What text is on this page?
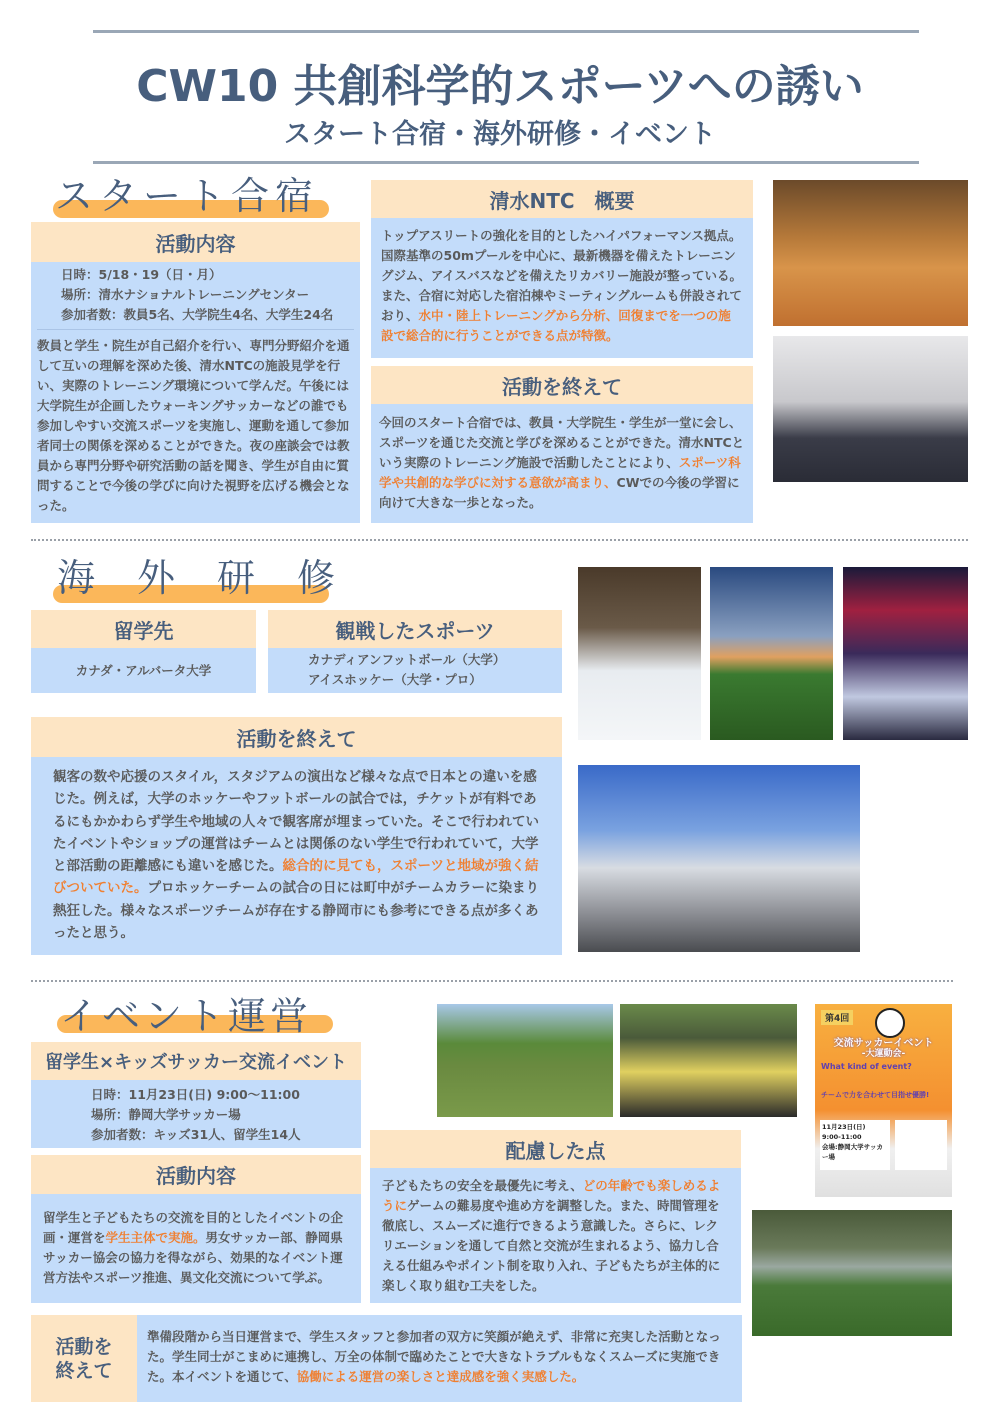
CW10 共創科学的スポーツへの誘い
スタート合宿・海外研修・イベント
スタート合宿
活動内容
日時：5/18・19（日・月）
場所：清水ナショナルトレーニングセンター
参加者数：教員5名、大学院生4名、大学生24名
教員と学生・院生が自己紹介を行い、専門分野紹介を通して互いの理解を深めた後、清水NTCの施設見学を行い、実際のトレーニング環境について学んだ。午後には大学院生が企画したウォーキングサッカーなどの誰でも参加しやすい交流スポーツを実施し、運動を通して参加者同士の関係を深めることができた。夜の座談会では教員から専門分野や研究活動の話を聞き、学生が自由に質問することで今後の学びに向けた視野を広げる機会となった。
清水NTC　概要
トップアスリートの強化を目的としたハイパフォーマンス拠点。国際基準の50mプールを中心に、最新機器を備えたトレーニングジム、アイスバスなどを備えたリカバリー施設が整っている。また、合宿に対応した宿泊棟やミーティングルームも併設されており、水中・陸上トレーニングから分析、回復までを一つの施設で総合的に行うことができる点が特徴。
活動を終えて
今回のスタート合宿では、教員・大学院生・学生が一堂に会し、スポーツを通じた交流と学びを深めることができた。清水NTCという実際のトレーニング施設で活動したことにより、スポーツ科学や共創的な学びに対する意欲が高まり、CWでの今後の学習に向けて大きな一歩となった。
海　外　研　修
留学先
カナダ・アルバータ大学
観戦したスポーツ
カナディアンフットボール（大学）
アイスホッケー（大学・プロ）
活動を終えて
観客の数や応援のスタイル，スタジアムの演出など様々な点で日本との違いを感じた。例えば，大学のホッケーやフットボールの試合では，チケットが有料であるにもかかわらず学生や地域の人々で観客席が埋まっていた。そこで行われていたイベントやショップの運営はチームとは関係のない学生で行われていて，大学と部活動の距離感にも違いを感じた。総合的に見ても，スポーツと地域が強く結びついていた。プロホッケーチームの試合の日には町中がチームカラーに染まり熱狂した。様々なスポーツチームが存在する静岡市にも参考にできる点が多くあったと思う。
イベント運営
留学生×キッズサッカー交流イベント
日時：11月23日(日) 9:00～11:00
場所：静岡大学サッカー場
参加者数：キッズ31人、留学生14人
活動内容
留学生と子どもたちの交流を目的としたイベントの企画・運営を学生主体で実施。男女サッカー部、静岡県サッカー協会の協力を得ながら、効果的なイベント運営方法やスポーツ推進、異文化交流について学ぶ。
配慮した点
子どもたちの安全を最優先に考え、どの年齢でも楽しめるようにゲームの難易度や進め方を調整した。また、時間管理を徹底し、スムーズに進行できるよう意識した。さらに、レクリエーションを通して自然と交流が生まれるよう、協力し合える仕組みやポイント制を取り入れ、子どもたちが主体的に楽しく取り組む工夫をした。
活動を終えて
準備段階から当日運営まで、学生スタッフと参加者の双方に笑顔が絶えず、非常に充実した活動となった。学生同士がこまめに連携し、万全の体制で臨めたことで大きなトラブルもなくスムーズに実施できた。本イベントを通じて、協働による運営の楽しさと達成感を強く実感した。
第4回
交流サッカーイベント
-大運動会-
What kind of event?
チームで力を合わせて目指せ優勝!
11月23日(日)
9:00-11:00
会場:静岡大学サッカー場
